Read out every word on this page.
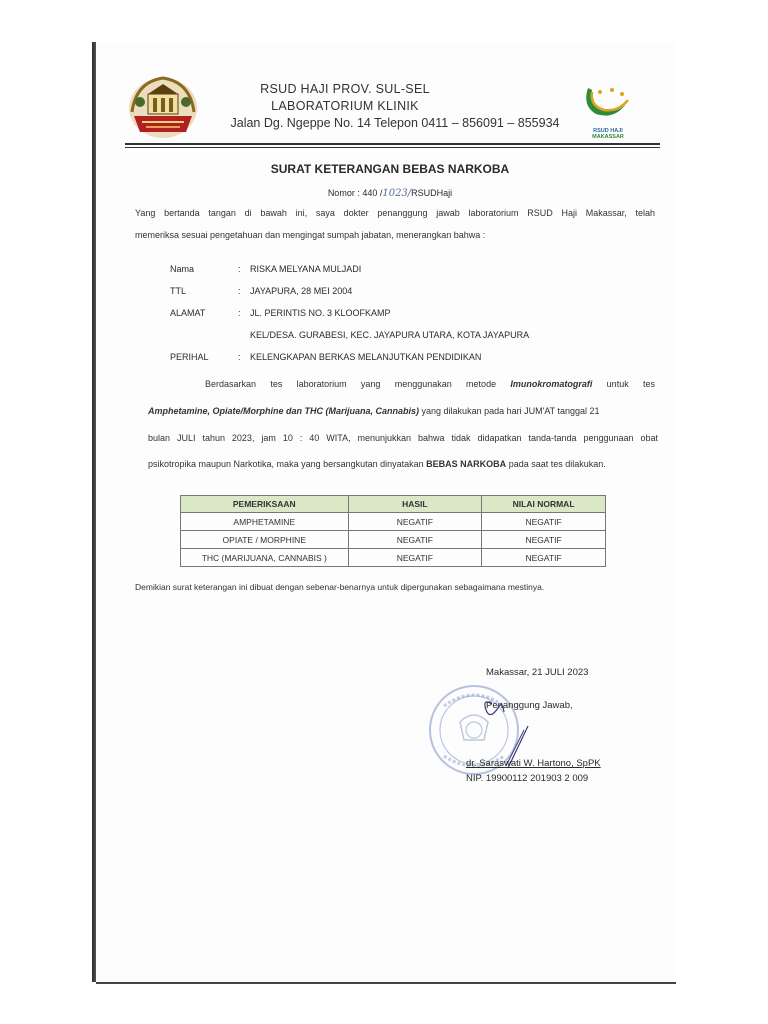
RSUD HAJI
MAKASSAR
RSUD HAJI PROV. SUL-SEL
LABORATORIUM KLINIK
Jalan Dg. Ngeppe No. 14 Telepon 0411 – 856091 – 855934
SURAT KETERANGAN BEBAS NARKOBA
Nomor : 440 /1023/RSUDHaji
Yang bertanda tangan di bawah ini, saya dokter penanggung jawab laboratorium RSUD Haji Makassar, telah
memeriksa sesuai pengetahuan dan mengingat sumpah jabatan, menerangkan bahwa :
Nama	: RISKA MELYANA MULJADI
TTL	: JAYAPURA, 28 MEI 2004
ALAMAT	: JL. PERINTIS NO. 3 KLOOFKAMP
KEL/DESA. GURABESI, KEC. JAYAPURA UTARA, KOTA JAYAPURA
PERIHAL	: KELENGKAPAN BERKAS MELANJUTKAN PENDIDIKAN
Berdasarkan tes laboratorium yang menggunakan metode Imunokromatografi untuk tes
Amphetamine, Opiate/Morphine dan THC (Marijuana, Cannabis) yang dilakukan pada hari JUM'AT tanggal 21
bulan JULI tahun 2023, jam 10 : 40 WITA, menunjukkan bahwa tidak didapatkan tanda-tanda penggunaan obat
psikotropika maupun Narkotika, maka yang bersangkutan dinyatakan BEBAS NARKOBA pada saat tes dilakukan.
PEMERIKSAAN	HASIL	NILAI NORMAL
AMPHETAMINE	NEGATIF	NEGATIF
OPIATE / MORPHINE	NEGATIF	NEGATIF
THC (MARIJUANA, CANNABIS )	NEGATIF	NEGATIF
Demikian surat keterangan ini dibuat dengan sebenar-benarnya untuk dipergunakan sebagaimana mestinya.
Makassar, 21 JULI 2023
Penanggung Jawab,
dr. Saraswati W. Hartono, SpPK
NIP. 19900112 201903 2 009
